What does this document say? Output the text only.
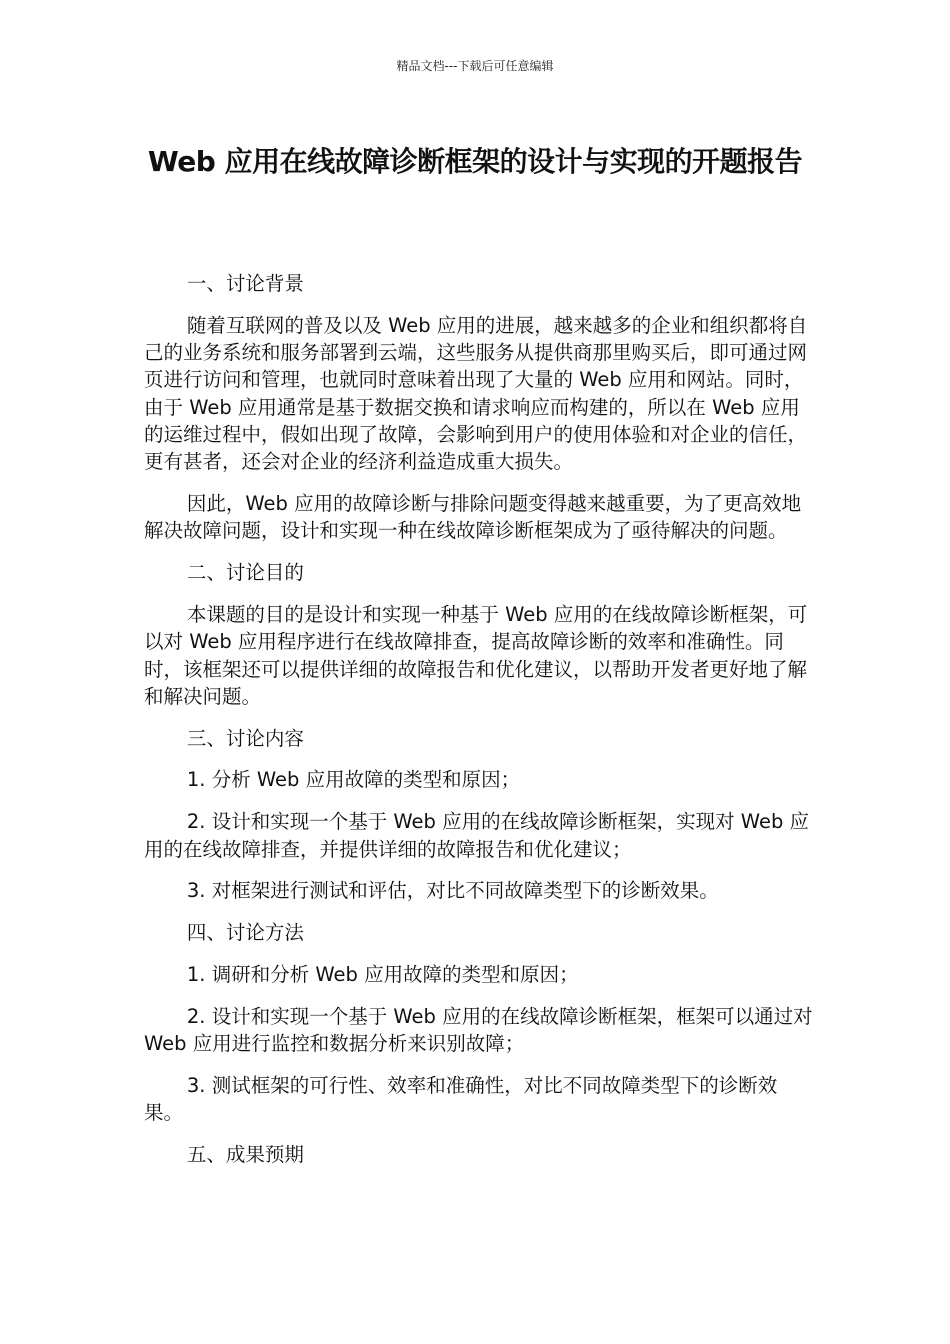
精品文档---下载后可任意编辑
Web 应用在线故障诊断框架的设计与实现的开题报告

一、讨论背景

随着互联网的普及以及 Web 应用的进展，越来越多的企业和组织都将自己的业务系统和服务部署到云端，这些服务从提供商那里购买后，即可通过网页进行访问和管理，也就同时意味着出现了大量的 Web 应用和网站。同时，由于 Web 应用通常是基于数据交换和请求响应而构建的，所以在 Web 应用的运维过程中，假如出现了故障，会影响到用户的使用体验和对企业的信任，更有甚者，还会对企业的经济利益造成重大损失。

因此，Web 应用的故障诊断与排除问题变得越来越重要，为了更高效地解决故障问题，设计和实现一种在线故障诊断框架成为了亟待解决的问题。

二、讨论目的

本课题的目的是设计和实现一种基于 Web 应用的在线故障诊断框架，可以对 Web 应用程序进行在线故障排查，提高故障诊断的效率和准确性。同时，该框架还可以提供详细的故障报告和优化建议，以帮助开发者更好地了解和解决问题。

三、讨论内容

1. 分析 Web 应用故障的类型和原因；

2. 设计和实现一个基于 Web 应用的在线故障诊断框架，实现对 Web 应用的在线故障排查，并提供详细的故障报告和优化建议；

3. 对框架进行测试和评估，对比不同故障类型下的诊断效果。

四、讨论方法

1. 调研和分析 Web 应用故障的类型和原因；

2. 设计和实现一个基于 Web 应用的在线故障诊断框架，框架可以通过对 Web 应用进行监控和数据分析来识别故障；

3. 测试框架的可行性、效率和准确性，对比不同故障类型下的诊断效果。

五、成果预期
